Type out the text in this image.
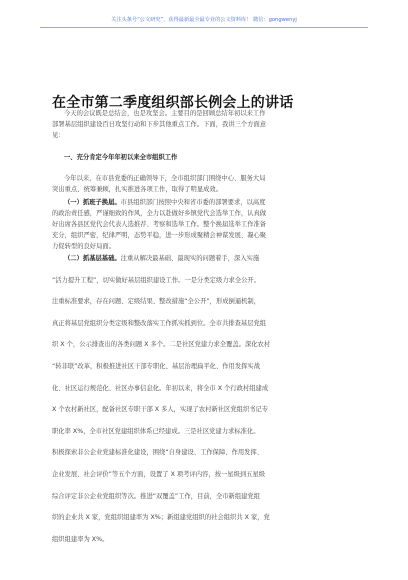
关注头条号“公文研究”，获得最新最全最专业的公文资料库！ 微信：gongwenyj
在全市第二季度组织部长例会上的讲话
今天的会议既是总结会，也是攻坚会。主要目的是回顾总结年初以来工作
部署基层组织建设百日攻坚行动和下步其他重点工作。下面，我讲三个方面意
见：
一、充分肯定今年年初以来全市组织工作
今年以来，在市县党委的正确领导下，全市组织部门围绕中心、服务大局
突出重点、统筹兼顾，扎实推进各项工作，取得了明显成效。
（一）抓班子换届。市县组织部门按照中央和省市委的部署要求，以高度
的政治责任感，严谨细致的作风，全力以赴做好乡镇党代会选举工作，认真做
好出席各县区党代会代表人选推荐、考察和选举工作。整个换届选举工作准备
充分，组织严密，纪律严明，态势平稳，进一步形成聚精会神谋发展、凝心聚
力促转型的良好局面。
（二）抓基层基础。注重从解决最基础、最现实的问题着手，深入实施
“活力提升工程”，切实做好基层组织建设工作。一是分类定级力求全公开。
注重标准要求，存在问题、定级结果、整改措施“全公开”，形成倒逼机制，
真正将基层党组织分类定级和整改落实工作抓实抓到位。全市共排查基层党组
织 X 个，公示排查出的各类问题 X 多个。二是社区党建力求全覆盖。深化农村
“转非联”改革，积极推进社区干部专职化、基层治理扁平化、作用发挥实战
化、社区运行规范化、社区办事信息化。年初以来，将全市 X 个行政村组建成
X 个农村新社区，配备社区专职干部 X 多人，实现了农村新社区党组织书记专
职化率 X%，全市社区党建组织体系已经建成。三是社区党建力求标准化。
积极探索非公企业党建标准化建设，围绕“自身建设、工作保障、作用发挥、
企业发展、社会评价”等五个方面，设置了 X 项考评内容，按一星级到五星级
综合评定非公企业党组织等次。推进“双覆盖”工作，目前，全市新组建党组
织的企业共 X 家，党组织组建率为 X%；新组建党组织的社会组织共 X 家，党
组织组建率为 X%。
